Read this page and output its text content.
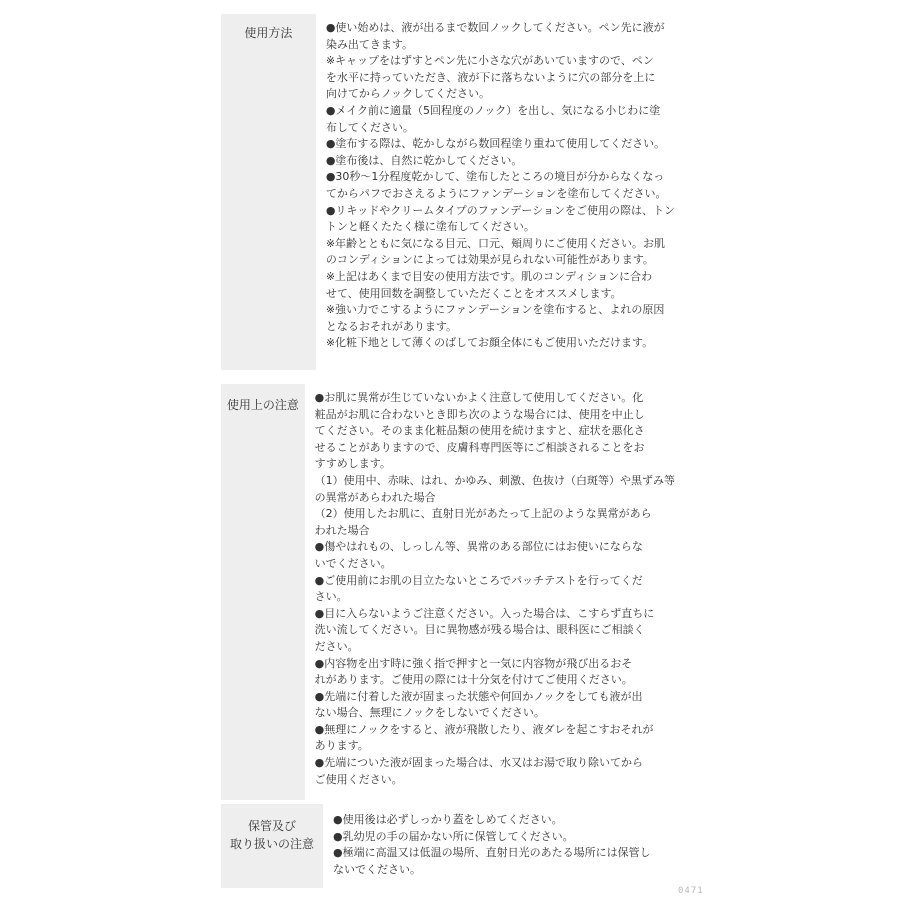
使用方法	●使い始めは、液が出るまで数回ノックしてください。ペン先に液が

染み出てきます。

※キャップをはずすとペン先に小さな穴があいていますので、ペン

を水平に持っていただき、液が下に落ちないように穴の部分を上に

向けてからノックしてください。

●メイク前に適量（5回程度のノック）を出し、気になる小じわに塗

布してください。

●塗布する際は、乾かしながら数回程塗り重ねて使用してください。

●塗布後は、自然に乾かしてください。

●30秒〜1分程度乾かして、塗布したところの境目が分からなくなっ

てからパフでおさえるようにファンデーションを塗布してください。

●リキッドやクリームタイプのファンデーションをご使用の際は、トン

トンと軽くたたく様に塗布してください。

※年齢とともに気になる目元、口元、頬周りにご使用ください。お肌

のコンディションによっては効果が見られない可能性があります。

※上記はあくまで目安の使用方法です。肌のコンディションに合わ

せて、使用回数を調整していただくことをオススメします。

※強い力でこするようにファンデーションを塗布すると、よれの原因

となるおそれがあります。

※化粧下地として薄くのばしてお顔全体にもご使用いただけます。

使用上の注意

●お肌に異常が生じていないかよく注意して使用してください。化

粧品がお肌に合わないとき即ち次のような場合には、使用を中止し

てください。そのまま化粧品類の使用を続けますと、症状を悪化さ

せることがありますので、皮膚科専門医等にご相談されることをお

すすめします。

（1）使用中、赤味、はれ、かゆみ、刺激、色抜け（白斑等）や黒ずみ等

の異常があらわれた場合

（2）使用したお肌に、直射日光があたって上記のような異常があら

われた場合

●傷やはれもの、しっしん等、異常のある部位にはお使いにならな

いでください。

●ご使用前にお肌の目立たないところでパッチテストを行ってくだ

さい。

●目に入らないようご注意ください。入った場合は、こすらず直ちに

洗い流してください。目に異物感が残る場合は、眼科医にご相談く

ださい。

●内容物を出す時に強く指で押すと一気に内容物が飛び出るおそ

れがあります。ご使用の際には十分気を付けてご使用ください。

●先端に付着した液が固まった状態や何回かノックをしても液が出

ない場合、無理にノックをしないでください。

●無理にノックをすると、液が飛散したり、液ダレを起こすおそれが

あります。

●先端についた液が固まった場合は、水又はお湯で取り除いてから

ご使用ください。

保管及び
取り扱いの注意

●使用後は必ずしっかり蓋をしめてください。

●乳幼児の手の届かない所に保管してください。

●極端に高温又は低温の場所、直射日光のあたる場所には保管し

ないでください。

0471
